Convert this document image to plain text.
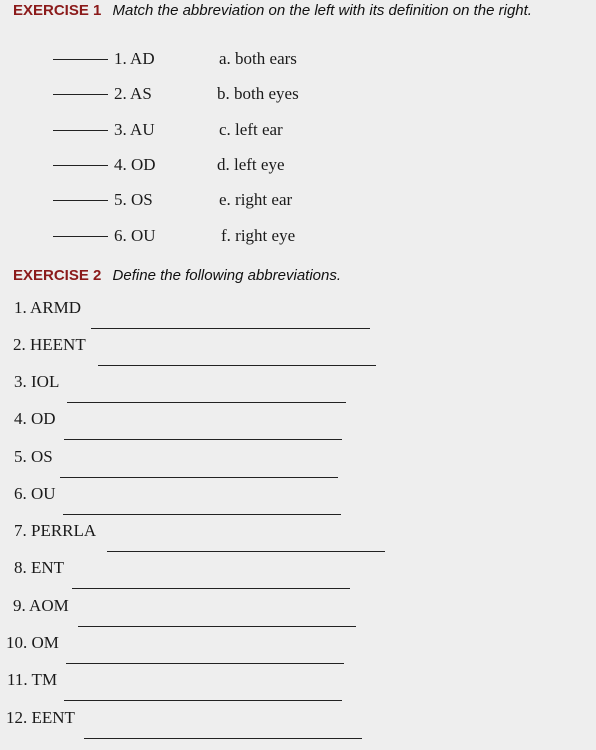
EXERCISE 1 Match the abbreviation on the left with its definition on the right.
1. AD	a. both ears
2. AS	b. both eyes
3. AU	c. left ear
4. OD	d. left eye
5. OS	e. right ear
6. OU	f. right eye
EXERCISE 2 Define the following abbreviations.
1. ARMD
2. HEENT
3. IOL
4. OD
5. OS
6. OU
7. PERRLA
8. ENT
9. AOM
10. OM
11. TM
12. EENT
